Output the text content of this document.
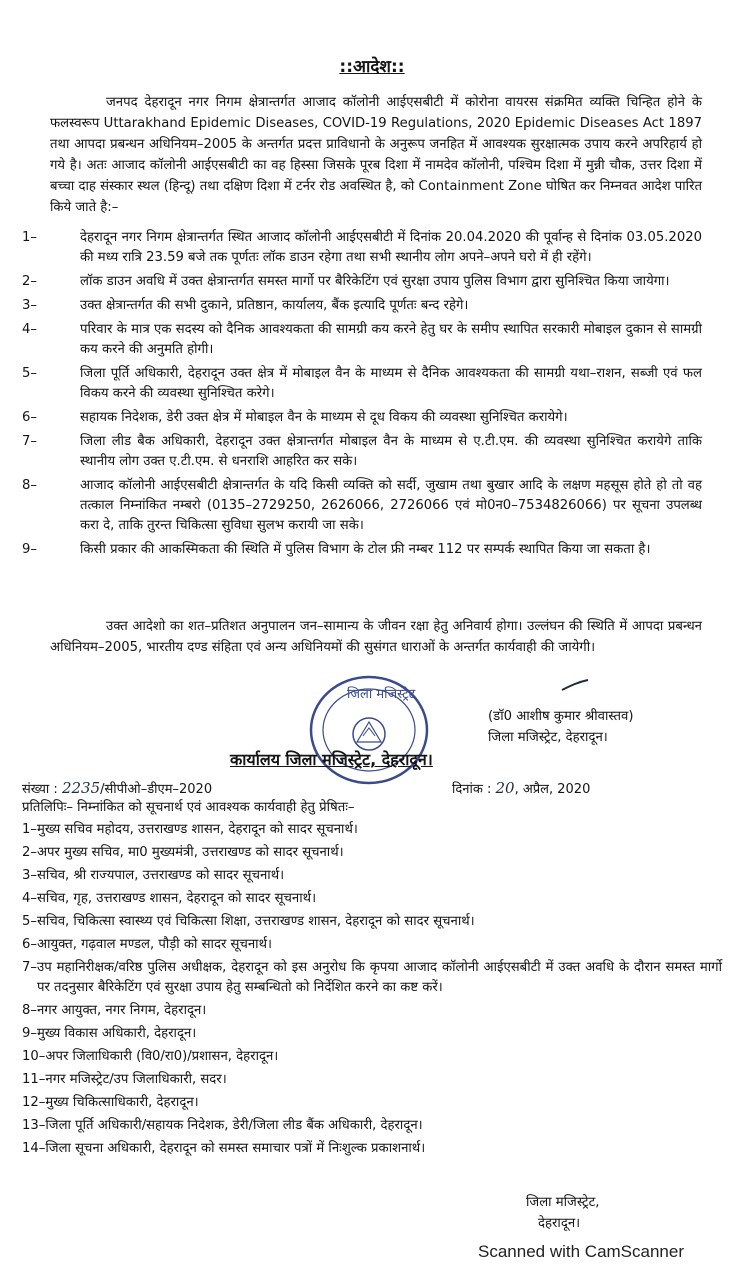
::आदेश::
जनपद देहरादून नगर निगम क्षेत्रान्तर्गत आजाद कॉलोनी आईएसबीटी में कोरोना वायरस संक्रमित व्यक्ति चिन्हित होने के फलस्वरूप Uttarakhand Epidemic Diseases, COVID-19 Regulations, 2020 Epidemic Diseases Act 1897 तथा आपदा प्रबन्धन अधिनियम–2005 के अन्तर्गत प्रदत्त प्राविधानो के अनुरूप जनहित में आवश्यक सुरक्षात्मक उपाय करने अपरिहार्य हो गये है। अतः आजाद कॉलोनी आईएसबीटी का वह हिस्सा जिसके पूरब दिशा में नामदेव कॉलोनी, पश्चिम दिशा में मुन्नी चौक, उत्तर दिशा में बच्चा दाह संस्कार स्थल (हिन्दू) तथा दक्षिण दिशा में टर्नर रोड अवस्थित है, को Containment Zone घोषित कर निम्नवत आदेश पारित किये जाते है:–
1–	देहरादून नगर निगम क्षेत्रान्तर्गत स्थित आजाद कॉलोनी आईएसबीटी में दिनांक 20.04.2020 की पूर्वान्ह से दिनांक 03.05.2020 की मध्य रात्रि 23.59 बजे तक पूर्णतः लॉक डाउन रहेगा तथा सभी स्थानीय लोग अपने–अपने घरो में ही रहेंगे।
2–	लॉक डाउन अवधि में उक्त क्षेत्रान्तर्गत समस्त मार्गो पर बैरिकेटिंग एवं सुरक्षा उपाय पुलिस विभाग द्वारा सुनिश्चित किया जायेगा।
3–	उक्त क्षेत्रान्तर्गत की सभी दुकाने, प्रतिष्ठान, कार्यालय, बैंक इत्यादि पूर्णतः बन्द रहेगे।
4–	परिवार के मात्र एक सदस्य को दैनिक आवश्यकता की सामग्री कय करने हेतु घर के समीप स्थापित सरकारी मोबाइल दुकान से सामग्री कय करने की अनुमति होगी।
5–	जिला पूर्ति अधिकारी, देहरादून उक्त क्षेत्र में मोबाइल वैन के माध्यम से दैनिक आवश्यकता की सामग्री यथा–राशन, सब्जी एवं फल विकय करने की व्यवस्था सुनिश्चित करेगे।
6–	सहायक निदेशक, डेरी उक्त क्षेत्र में मोबाइल वैन के माध्यम से दूध विकय की व्यवस्था सुनिश्चित करायेगे।
7–	जिला लीड बैक अधिकारी, देहरादून उक्त क्षेत्रान्तर्गत मोबाइल वैन के माध्यम से ए.टी.एम. की व्यवस्था सुनिश्चित करायेगे ताकि स्थानीय लोग उक्त ए.टी.एम. से धनराशि आहरित कर सके।
8–	आजाद कॉलोनी आईएसबीटी क्षेत्रान्तर्गत के यदि किसी व्यक्ति को सर्दी, जुखाम तथा बुखार आदि के लक्षण महसूस होते हो तो वह तत्काल निम्नांकित नम्बरो (0135–2729250, 2626066, 2726066 एवं मो0न0–7534826066) पर सूचना उपलब्ध करा दे, ताकि तुरन्त चिकित्सा सुविधा सुलभ करायी जा सके।
9–	किसी प्रकार की आकस्मिकता की स्थिति में पुलिस विभाग के टोल फ्री नम्बर 112 पर सम्पर्क स्थापित किया जा सकता है।
उक्त आदेशो का शत–प्रतिशत अनुपालन जन–सामान्य के जीवन रक्षा हेतु अनिवार्य होगा। उल्लंघन की स्थिति में आपदा प्रबन्धन अधिनियम–2005, भारतीय दण्ड संहिता एवं अन्य अधिनियमों की सुसंगत धाराओं के अन्तर्गत कार्यवाही की जायेगी।
जिला मजिस्ट्रेट
(डॉ0 आशीष कुमार श्रीवास्तव)
जिला मजिस्ट्रेट, देहरादून।
कार्यालय जिला मजिस्ट्रेट, देहरादून।
संख्या : 2235/सीपीओ–डीएम–2020	दिनांक : 20, अप्रैल, 2020
प्रतिलिपिः– निम्नांकित को सूचनार्थ एवं आवश्यक कार्यवाही हेतु प्रेषितः–
1– मुख्य सचिव महोदय, उत्तराखण्ड शासन, देहरादून को सादर सूचनार्थ।
2– अपर मुख्य सचिव, मा0 मुख्यमंत्री, उत्तराखण्ड को सादर सूचनार्थ।
3– सचिव, श्री राज्यपाल, उत्तराखण्ड को सादर सूचनार्थ।
4– सचिव, गृह, उत्तराखण्ड शासन, देहरादून को सादर सूचनार्थ।
5– सचिव, चिकित्सा स्वास्थ्य एवं चिकित्सा शिक्षा, उत्तराखण्ड शासन, देहरादून को सादर सूचनार्थ।
6– आयुक्त, गढ़वाल मण्डल, पौड़ी को सादर सूचनार्थ।
7– उप महानिरीक्षक/वरिष्ठ पुलिस अधीक्षक, देहरादून को इस अनुरोध कि कृपया आजाद कॉलोनी आईएसबीटी में उक्त अवधि के दौरान समस्त मार्गो पर तदनुसार बैरिकेटिंग एवं सुरक्षा उपाय हेतु सम्बन्धितो को निर्देशित करने का कष्ट करें।
8– नगर आयुक्त, नगर निगम, देहरादून।
9– मुख्य विकास अधिकारी, देहरादून।
10– अपर जिलाधिकारी (वि0/रा0)/प्रशासन, देहरादून।
11– नगर मजिस्ट्रेट/उप जिलाधिकारी, सदर।
12– मुख्य चिकित्साधिकारी, देहरादून।
13– जिला पूर्ति अधिकारी/सहायक निदेशक, डेरी/जिला लीड बैंक अधिकारी, देहरादून।
14– जिला सूचना अधिकारी, देहरादून को समस्त समाचार पत्रों में निःशुल्क प्रकाशनार्थ।
जिला मजिस्ट्रेट,
देहरादून।
Scanned with CamScanner
